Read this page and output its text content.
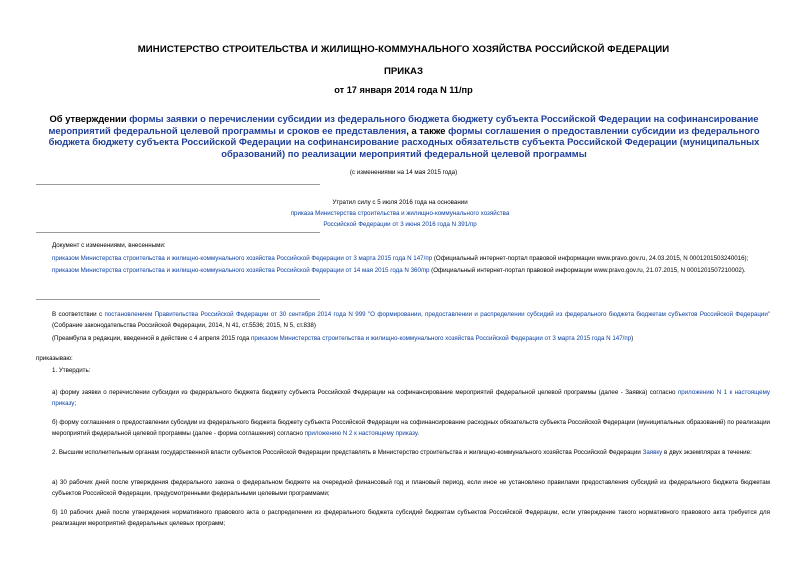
МИНИСТЕРСТВО СТРОИТЕЛЬСТВА И ЖИЛИЩНО-КОММУНАЛЬНОГО ХОЗЯЙСТВА РОССИЙСКОЙ ФЕДЕРАЦИИ
ПРИКАЗ
от 17 января 2014 года N 11/пр
Об утверждении формы заявки о перечислении субсидии из федерального бюджета бюджету субъекта Российской Федерации на софинансирование мероприятий федеральной целевой программы и сроков ее представления, а также формы соглашения о предоставлении субсидии из федерального бюджета бюджету субъекта Российской Федерации на софинансирование расходных обязательств субъекта Российской Федерации (муниципальных образований) по реализации мероприятий федеральной целевой программы
(с изменениями на 14 мая 2015 года)
Утратил силу с 5 июля 2016 года на основании
приказа Министерства строительства и жилищно-коммунального хозяйства
Российской Федерации от 3 июня 2016 года N 391/пр
Документ с изменениями, внесенными:
приказом Министерства строительства и жилищно-коммунального хозяйства Российской Федерации от 3 марта 2015 года N 147/пр (Официальный интернет-портал правовой информации www.pravo.gov.ru, 24.03.2015, N 0001201503240016);
приказом Министерства строительства и жилищно-коммунального хозяйства Российской Федерации от 14 мая 2015 года N 360/пр (Официальный интернет-портал правовой информации www.pravo.gov.ru, 21.07.2015, N 0001201507210002).
В соответствии с постановлением Правительства Российской Федерации от 30 сентября 2014 года N 999 "О формировании, предоставлении и распределении субсидий из федерального бюджета бюджетам субъектов Российской Федерации" (Собрание законодательства Российской Федерации, 2014, N 41, ст.5536; 2015, N 5, ст.838)
(Преамбула в редакции, введенной в действие с 4 апреля 2015 года приказом Министерства строительства и жилищно-коммунального хозяйства Российской Федерации от 3 марта 2015 года N 147/пр)
приказываю:
1. Утвердить:
а) форму заявки о перечислении субсидии из федерального бюджета бюджету субъекта Российской Федерации на софинансирование мероприятий федеральной целевой программы (далее - Заявка) согласно приложению N 1 к настоящему приказу;
б) форму соглашения о предоставлении субсидии из федерального бюджета бюджету субъекта Российской Федерации на софинансирование расходных обязательств субъекта Российской Федерации (муниципальных образований) по реализации мероприятий федеральной целевой программы (далее - форма соглашения) согласно приложению N 2 к настоящему приказу.
2. Высшим исполнительным органам государственной власти субъектов Российской Федерации представлять в Министерство строительства и жилищно-коммунального хозяйства Российской Федерации Заявку в двух экземплярах в течение:
а) 30 рабочих дней после утверждения федерального закона о федеральном бюджете на очередной финансовый год и плановый период, если иное не установлено правилами предоставления субсидий из федерального бюджета бюджетам субъектов Российской Федерации, предусмотренными федеральными целевыми программами;
б) 10 рабочих дней после утверждения нормативного правового акта о распределении из федерального бюджета субсидий бюджетам субъектов Российской Федерации, если утверждение такого нормативного правового акта требуется для реализации мероприятий федеральных целевых программ;
